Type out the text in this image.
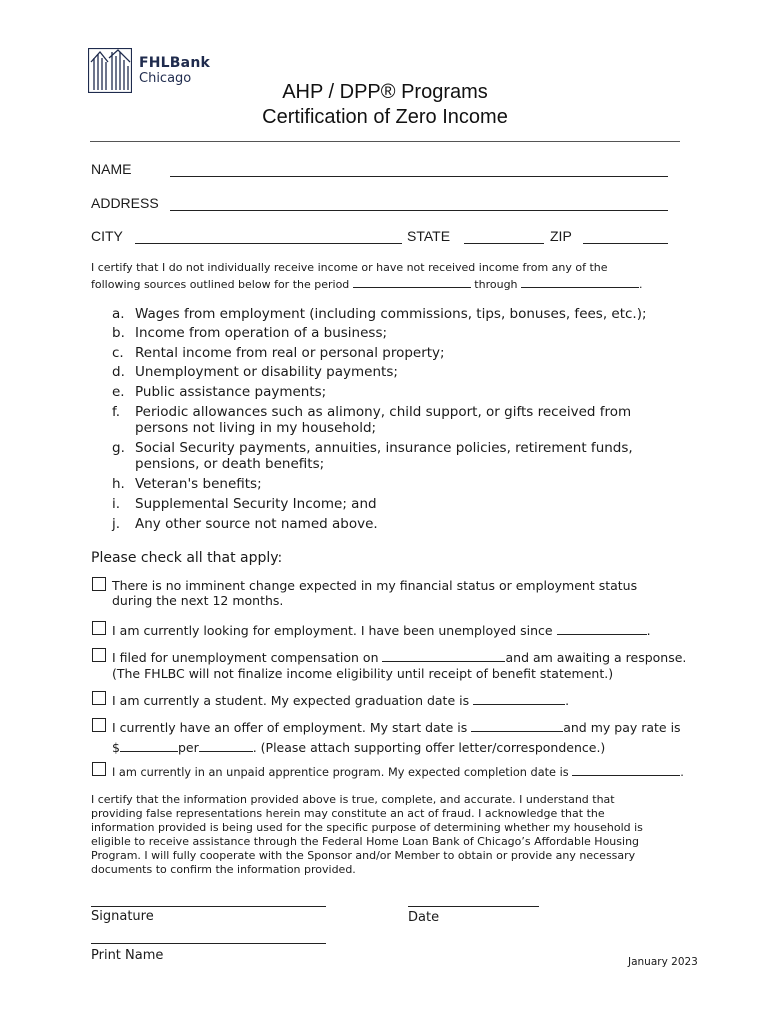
FHLBank
Chicago
AHP / DPP® Programs
Certification of Zero Income
NAME
ADDRESS
CITY	STATE	ZIP
I certify that I do not individually receive income or have not received income from any of the
following sources outlined below for the period	through	.
a. Wages from employment (including commissions, tips, bonuses, fees, etc.);
b. Income from operation of a business;
c. Rental income from real or personal property;
d. Unemployment or disability payments;
e. Public assistance payments;
f. Periodic allowances such as alimony, child support, or gifts received from
persons not living in my household;
g. Social Security payments, annuities, insurance policies, retirement funds,
pensions, or death benefits;
h. Veteran's benefits;
i. Supplemental Security Income; and
j. Any other source not named above.
Please check all that apply:
There is no imminent change expected in my financial status or employment status
during the next 12 months.
I am currently looking for employment. I have been unemployed since	.
I filed for unemployment compensation on	and am awaiting a response.
(The FHLBC will not finalize income eligibility until receipt of benefit statement.)
I am currently a student. My expected graduation date is	.
I currently have an offer of employment. My start date is	and my pay rate is
$	per	. (Please attach supporting offer letter/correspondence.)
I am currently in an unpaid apprentice program. My expected completion date is	.
I certify that the information provided above is true, complete, and accurate. I understand that
providing false representations herein may constitute an act of fraud. I acknowledge that the
information provided is being used for the specific purpose of determining whether my household is
eligible to receive assistance through the Federal Home Loan Bank of Chicago’s Affordable Housing
Program. I will fully cooperate with the Sponsor and/or Member to obtain or provide any necessary
documents to confirm the information provided.
Signature	Date
Print Name	January 2023
